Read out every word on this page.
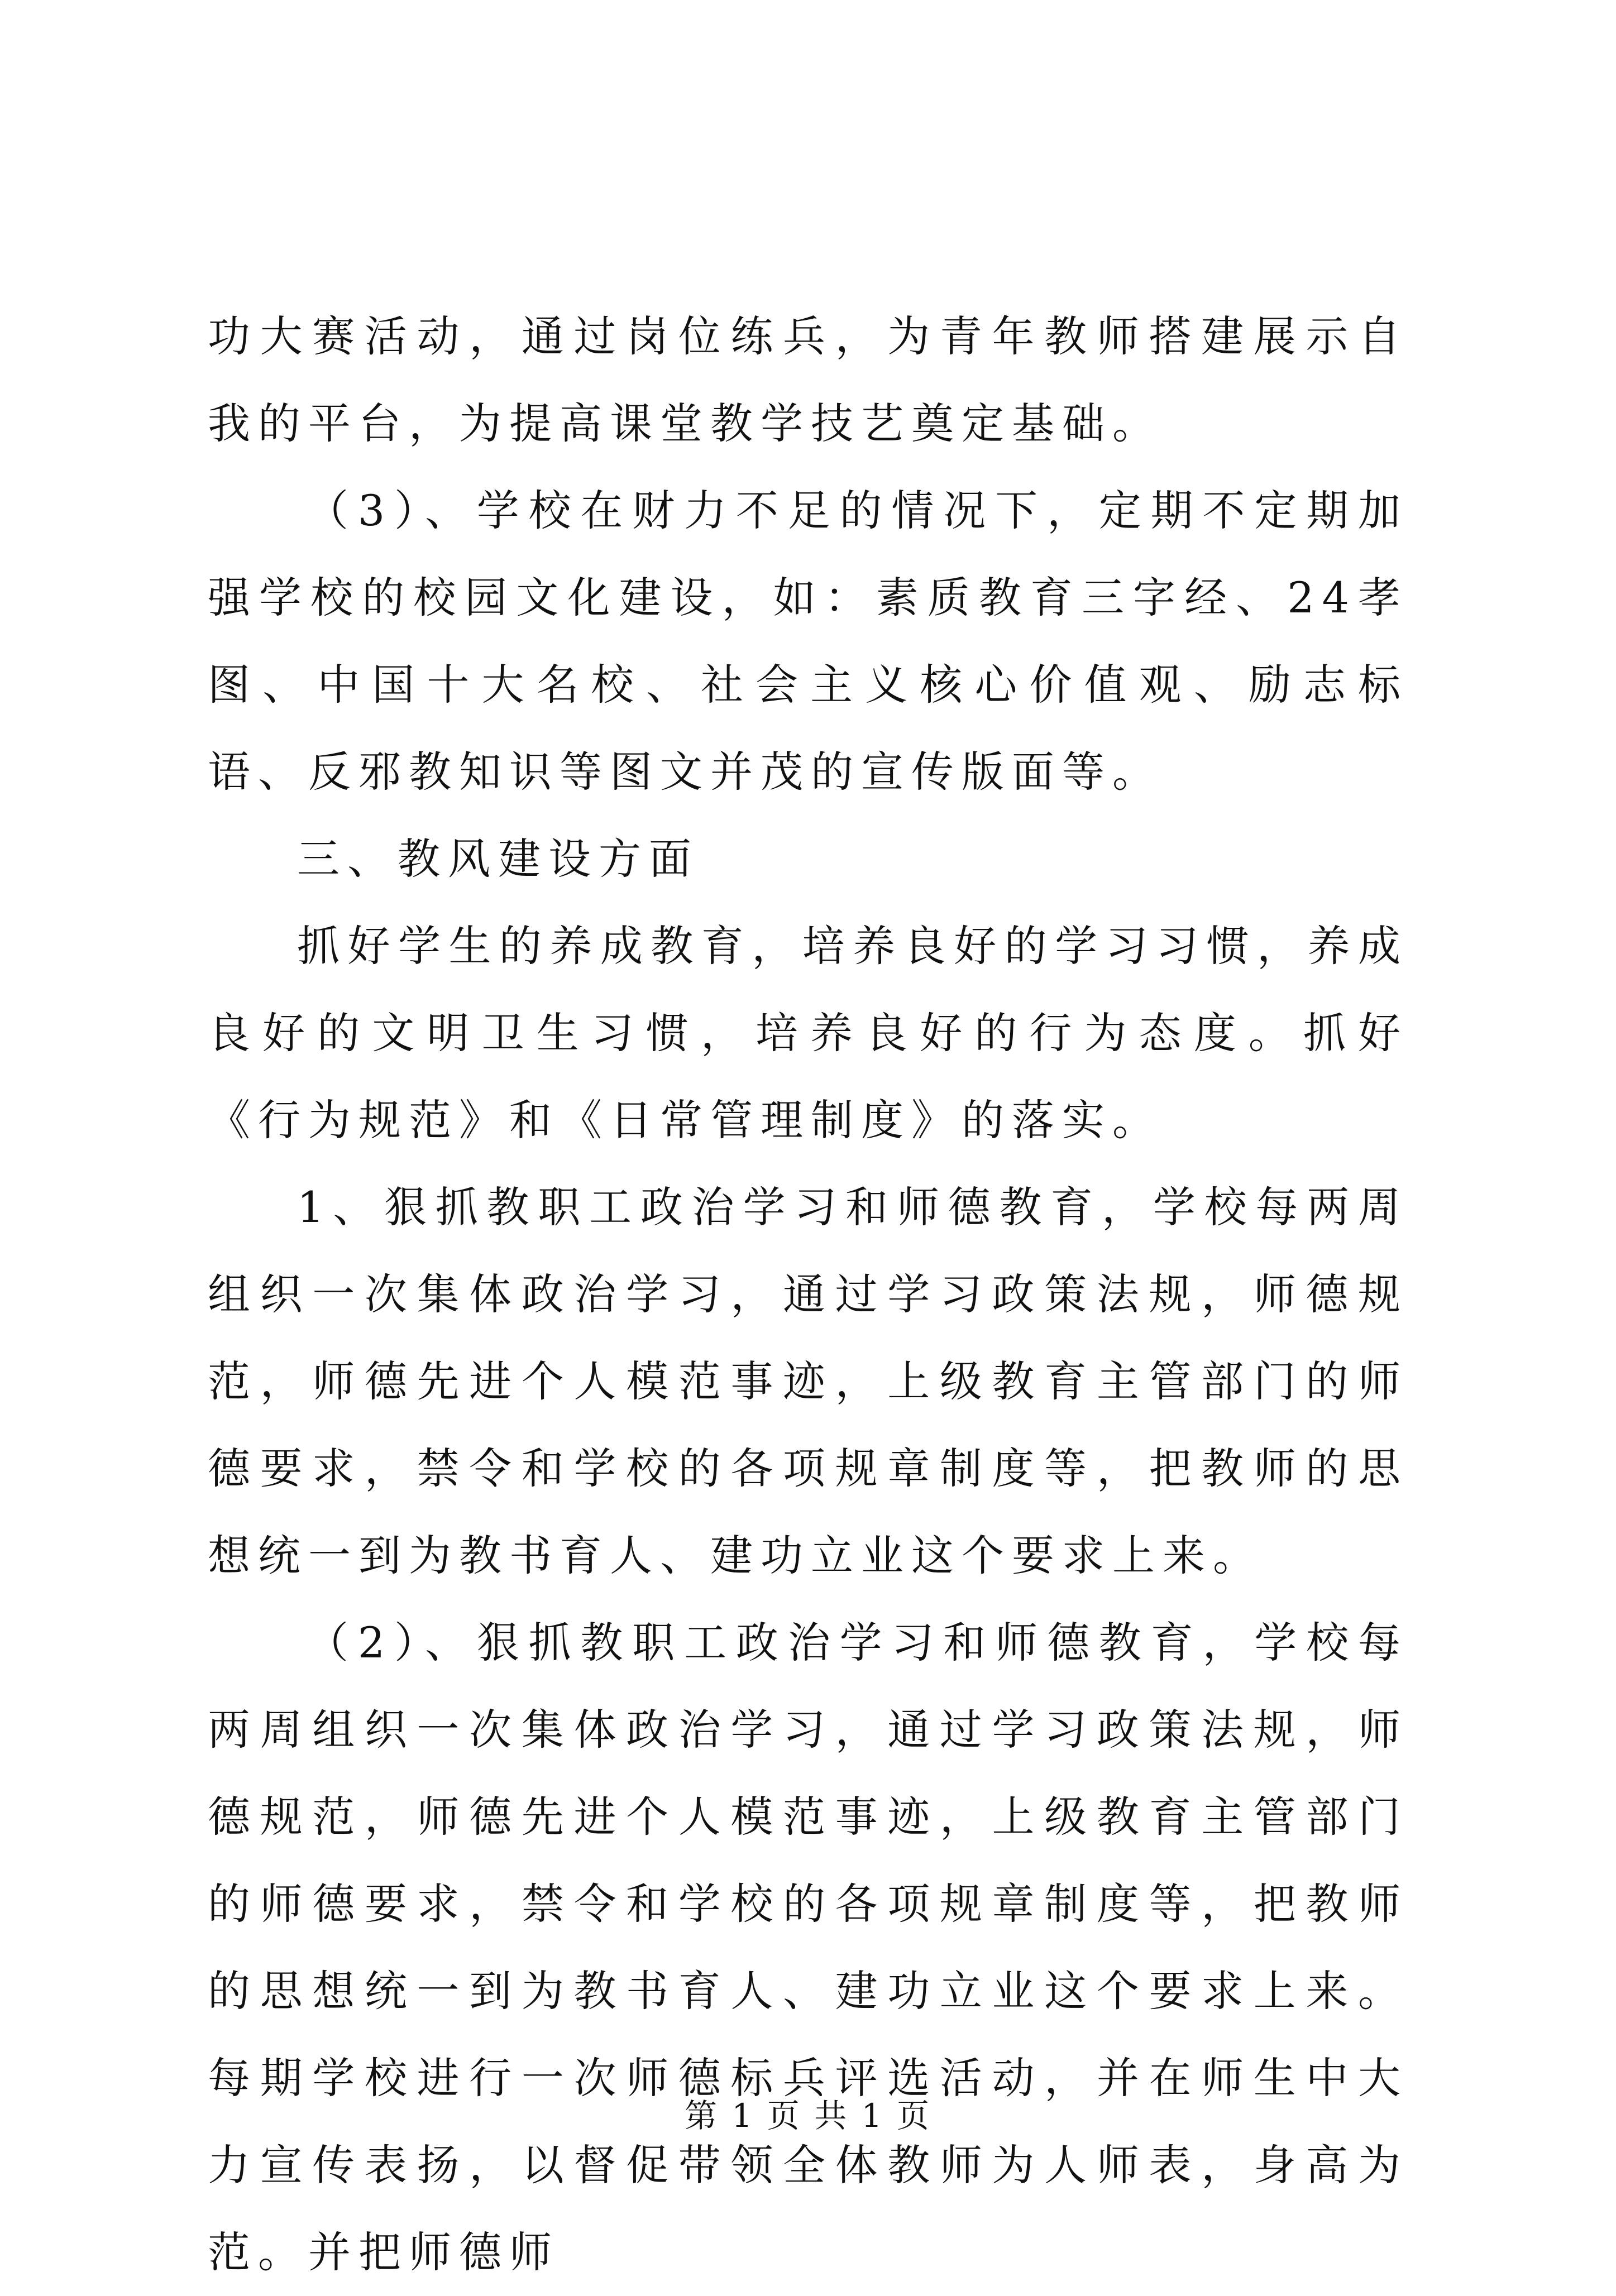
功大赛活动，通过岗位练兵，为青年教师搭建展示自我的平台，为提高课堂教学技艺奠定基础。

（3）、学校在财力不足的情况下，定期不定期加强学校的校园文化建设，如：素质教育三字经、24孝图、中国十大名校、社会主义核心价值观、励志标语、反邪教知识等图文并茂的宣传版面等。

三、教风建设方面

抓好学生的养成教育，培养良好的学习习惯，养成良好的文明卫生习惯，培养良好的行为态度。抓好《行为规范》和《日常管理制度》的落实。

1、狠抓教职工政治学习和师德教育，学校每两周组织一次集体政治学习，通过学习政策法规，师德规范，师德先进个人模范事迹，上级教育主管部门的师德要求，禁令和学校的各项规章制度等，把教师的思想统一到为教书育人、建功立业这个要求上来。

（2）、狠抓教职工政治学习和师德教育，学校每两周组织一次集体政治学习，通过学习政策法规，师德规范，师德先进个人模范事迹，上级教育主管部门的师德要求，禁令和学校的各项规章制度等，把教师的思想统一到为教书育人、建功立业这个要求上来。每期学校进行一次师德标兵评选活动，并在师生中大力宣传表扬，以督促带领全体教师为人师表，身高为范。并把师德师

第 1 页 共 1 页
